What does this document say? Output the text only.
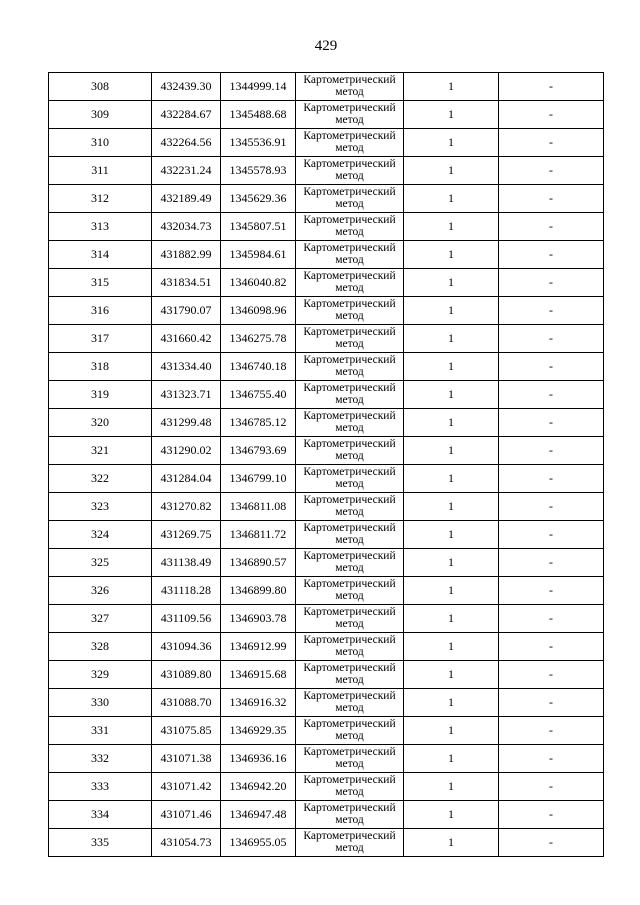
429
308	432439.30	1344999.14	Картометрический
метод	1	-
309	432284.67	1345488.68	Картометрический
метод	1	-
310	432264.56	1345536.91	Картометрический
метод	1	-
311	432231.24	1345578.93	Картометрический
метод	1	-
312	432189.49	1345629.36	Картометрический
метод	1	-
313	432034.73	1345807.51	Картометрический
метод	1	-
314	431882.99	1345984.61	Картометрический
метод	1	-
315	431834.51	1346040.82	Картометрический
метод	1	-
316	431790.07	1346098.96	Картометрический
метод	1	-
317	431660.42	1346275.78	Картометрический
метод	1	-
318	431334.40	1346740.18	Картометрический
метод	1	-
319	431323.71	1346755.40	Картометрический
метод	1	-
320	431299.48	1346785.12	Картометрический
метод	1	-
321	431290.02	1346793.69	Картометрический
метод	1	-
322	431284.04	1346799.10	Картометрический
метод	1	-
323	431270.82	1346811.08	Картометрический
метод	1	-
324	431269.75	1346811.72	Картометрический
метод	1	-
325	431138.49	1346890.57	Картометрический
метод	1	-
326	431118.28	1346899.80	Картометрический
метод	1	-
327	431109.56	1346903.78	Картометрический
метод	1	-
328	431094.36	1346912.99	Картометрический
метод	1	-
329	431089.80	1346915.68	Картометрический
метод	1	-
330	431088.70	1346916.32	Картометрический
метод	1	-
331	431075.85	1346929.35	Картометрический
метод	1	-
332	431071.38	1346936.16	Картометрический
метод	1	-
333	431071.42	1346942.20	Картометрический
метод	1	-
334	431071.46	1346947.48	Картометрический
метод	1	-
335	431054.73	1346955.05	Картометрический
метод	1	-
